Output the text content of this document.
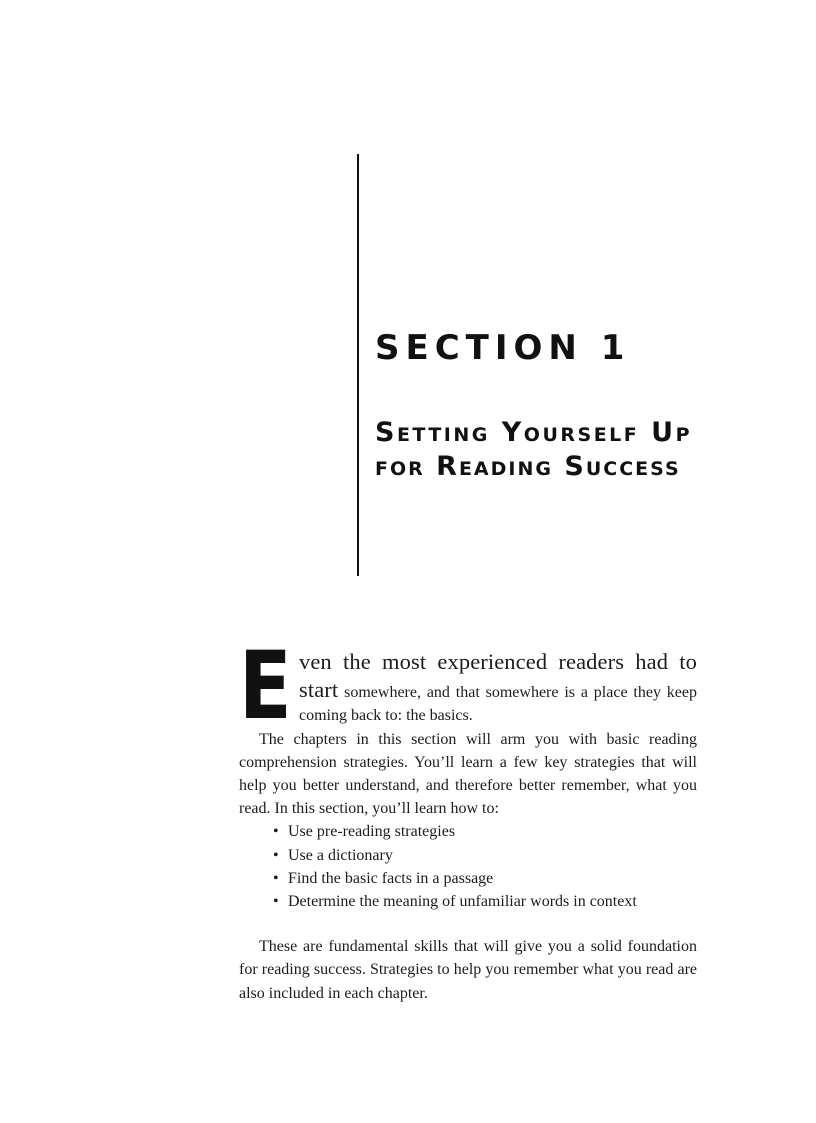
SECTION 1
Setting Yourself Up
for Reading Success
E ven the most experienced readers had to start somewhere, and that somewhere is a place they keep coming back to: the basics.

The chapters in this section will arm you with basic reading comprehension strategies. You’ll learn a few key strategies that will help you better understand, and therefore better remember, what you read. In this section, you’ll learn how to:

• Use pre-reading strategies
• Use a dictionary
• Find the basic facts in a passage
• Determine the meaning of unfamiliar words in context

These are fundamental skills that will give you a solid foundation for reading success. Strategies to help you remember what you read are also included in each chapter.
